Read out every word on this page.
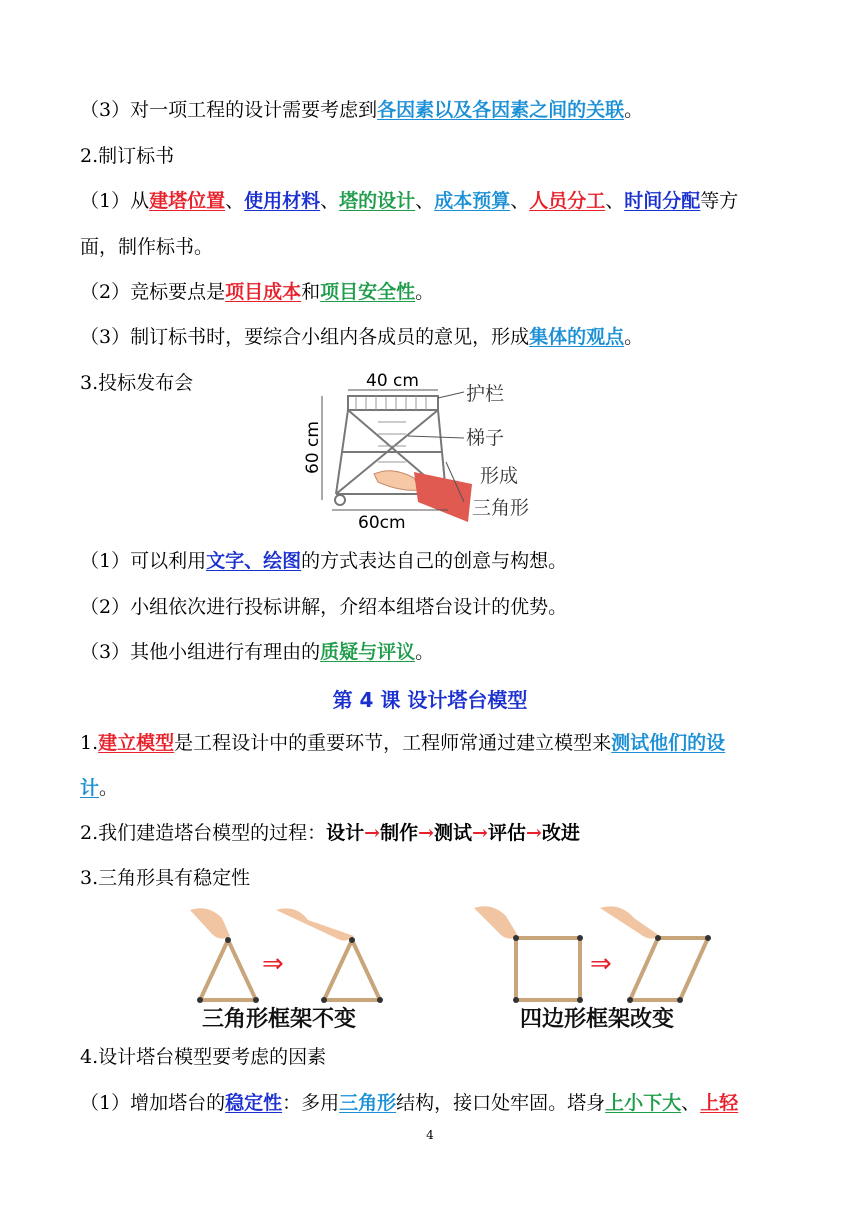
（3）对一项工程的设计需要考虑到各因素以及各因素之间的关联。
2.制订标书
（1）从建塔位置、使用材料、塔的设计、成本预算、人员分工、时间分配等方
面，制作标书。
（2）竞标要点是项目成本和项目安全性。
（3）制订标书时，要综合小组内各成员的意见，形成集体的观点。
3.投标发布会	40 cm
60 cm
60cm
护栏
梯子
形成
三角形
（1）可以利用文字、绘图的方式表达自己的创意与构想。
（2）小组依次进行投标讲解，介绍本组塔台设计的优势。
（3）其他小组进行有理由的质疑与评议。
第 4 课 设计塔台模型
1.建立模型是工程设计中的重要环节，工程师常通过建立模型来测试他们的设
计。
2.我们建造塔台模型的过程：设计→制作→测试→评估→改进
3.三角形具有稳定性
⇒
三角形框架不变
⇒
四边形框架改变
4.设计塔台模型要考虑的因素
（1）增加塔台的稳定性：多用三角形结构，接口处牢固。塔身上小下大、上轻
4
